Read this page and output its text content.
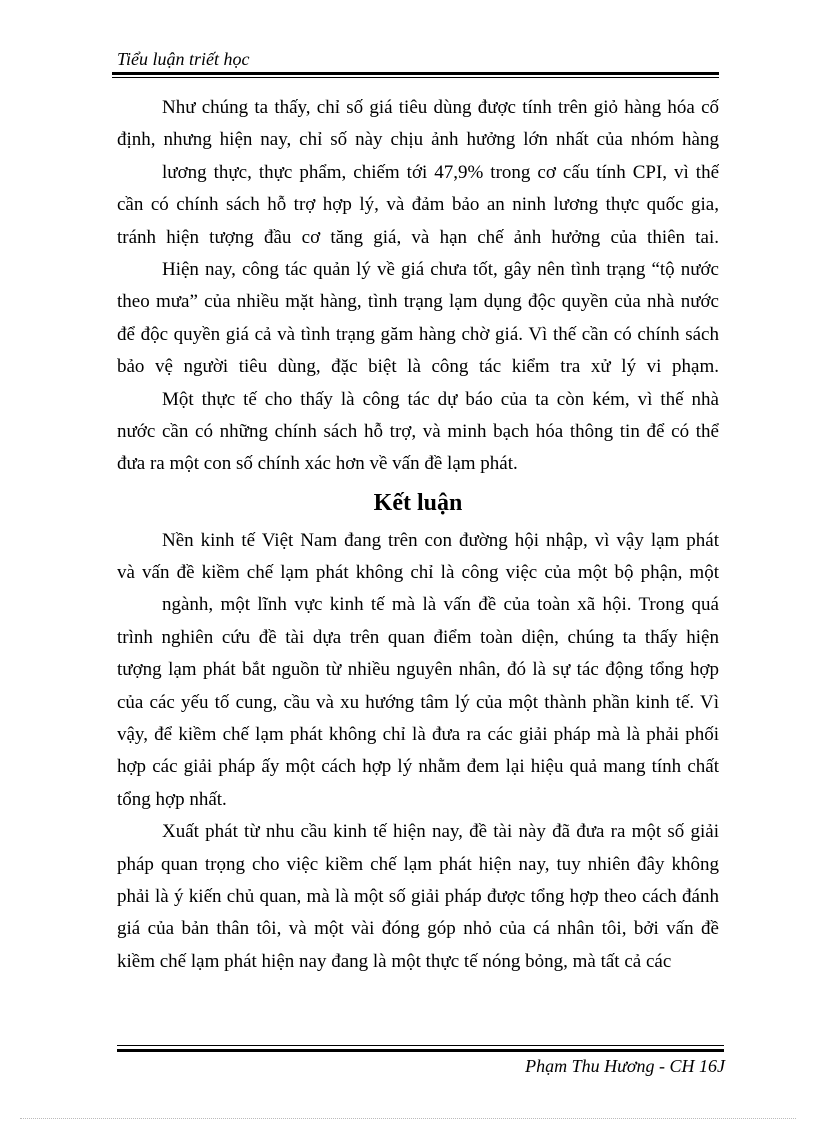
Tiểu luận triết học
Như chúng ta thấy, chỉ số giá tiêu dùng được tính trên giỏ hàng hóa cố
định, nhưng hiện nay, chỉ số này chịu ảnh hưởng lớn nhất của nhóm hàng
lương thực, thực phẩm, chiếm tới 47,9% trong cơ cấu tính CPI, vì thế
cần có chính sách hỗ trợ hợp lý, và đảm bảo an ninh lương thực quốc gia,
tránh hiện tượng đầu cơ tăng giá, và hạn chế ảnh hưởng của thiên tai.
Hiện nay, công tác quản lý về giá chưa tốt, gây nên tình trạng “tộ nước
theo mưa” của nhiều mặt hàng, tình trạng lạm dụng độc quyền của nhà nước
để độc quyền giá cả và tình trạng găm hàng chờ giá. Vì thế cần có chính sách
bảo vệ người tiêu dùng, đặc biệt là công tác kiểm tra xử lý vi phạm.
Một thực tế cho thấy là công tác dự báo của ta còn kém, vì thế nhà
nước cần có những chính sách hỗ trợ, và minh bạch hóa thông tin để có thể
đưa ra một con số chính xác hơn về vấn đề lạm phát.
Kết luận
Nền kinh tế Việt Nam đang trên con đường hội nhập, vì vậy lạm phát
và vấn đề kiềm chế lạm phát không chỉ là công việc của một bộ phận, một
ngành, một lĩnh vực kinh tế mà là vấn đề của toàn xã hội. Trong quá
trình nghiên cứu đề tài dựa trên quan điểm toàn diện, chúng ta thấy hiện
tượng lạm phát bắt nguồn từ nhiều nguyên nhân, đó là sự tác động tổng hợp
của các yếu tố cung, cầu và xu hướng tâm lý của một thành phần kinh tế. Vì
vậy, để kiềm chế lạm phát không chỉ là đưa ra các giải pháp mà là phải phối
hợp các giải pháp ấy một cách hợp lý nhằm đem lại hiệu quả mang tính chất
tổng hợp nhất.
Xuất phát từ nhu cầu kinh tế hiện nay, đề tài này đã đưa ra một số giải
pháp quan trọng cho việc kiềm chế lạm phát hiện nay, tuy nhiên đây không
phải là ý kiến chủ quan, mà là một số giải pháp được tổng hợp theo cách đánh
giá của bản thân tôi, và một vài đóng góp nhỏ của cá nhân tôi, bởi vấn đề
kiềm chế lạm phát hiện nay đang là một thực tế nóng bỏng, mà tất cả các
Phạm Thu Hương - CH 16J
